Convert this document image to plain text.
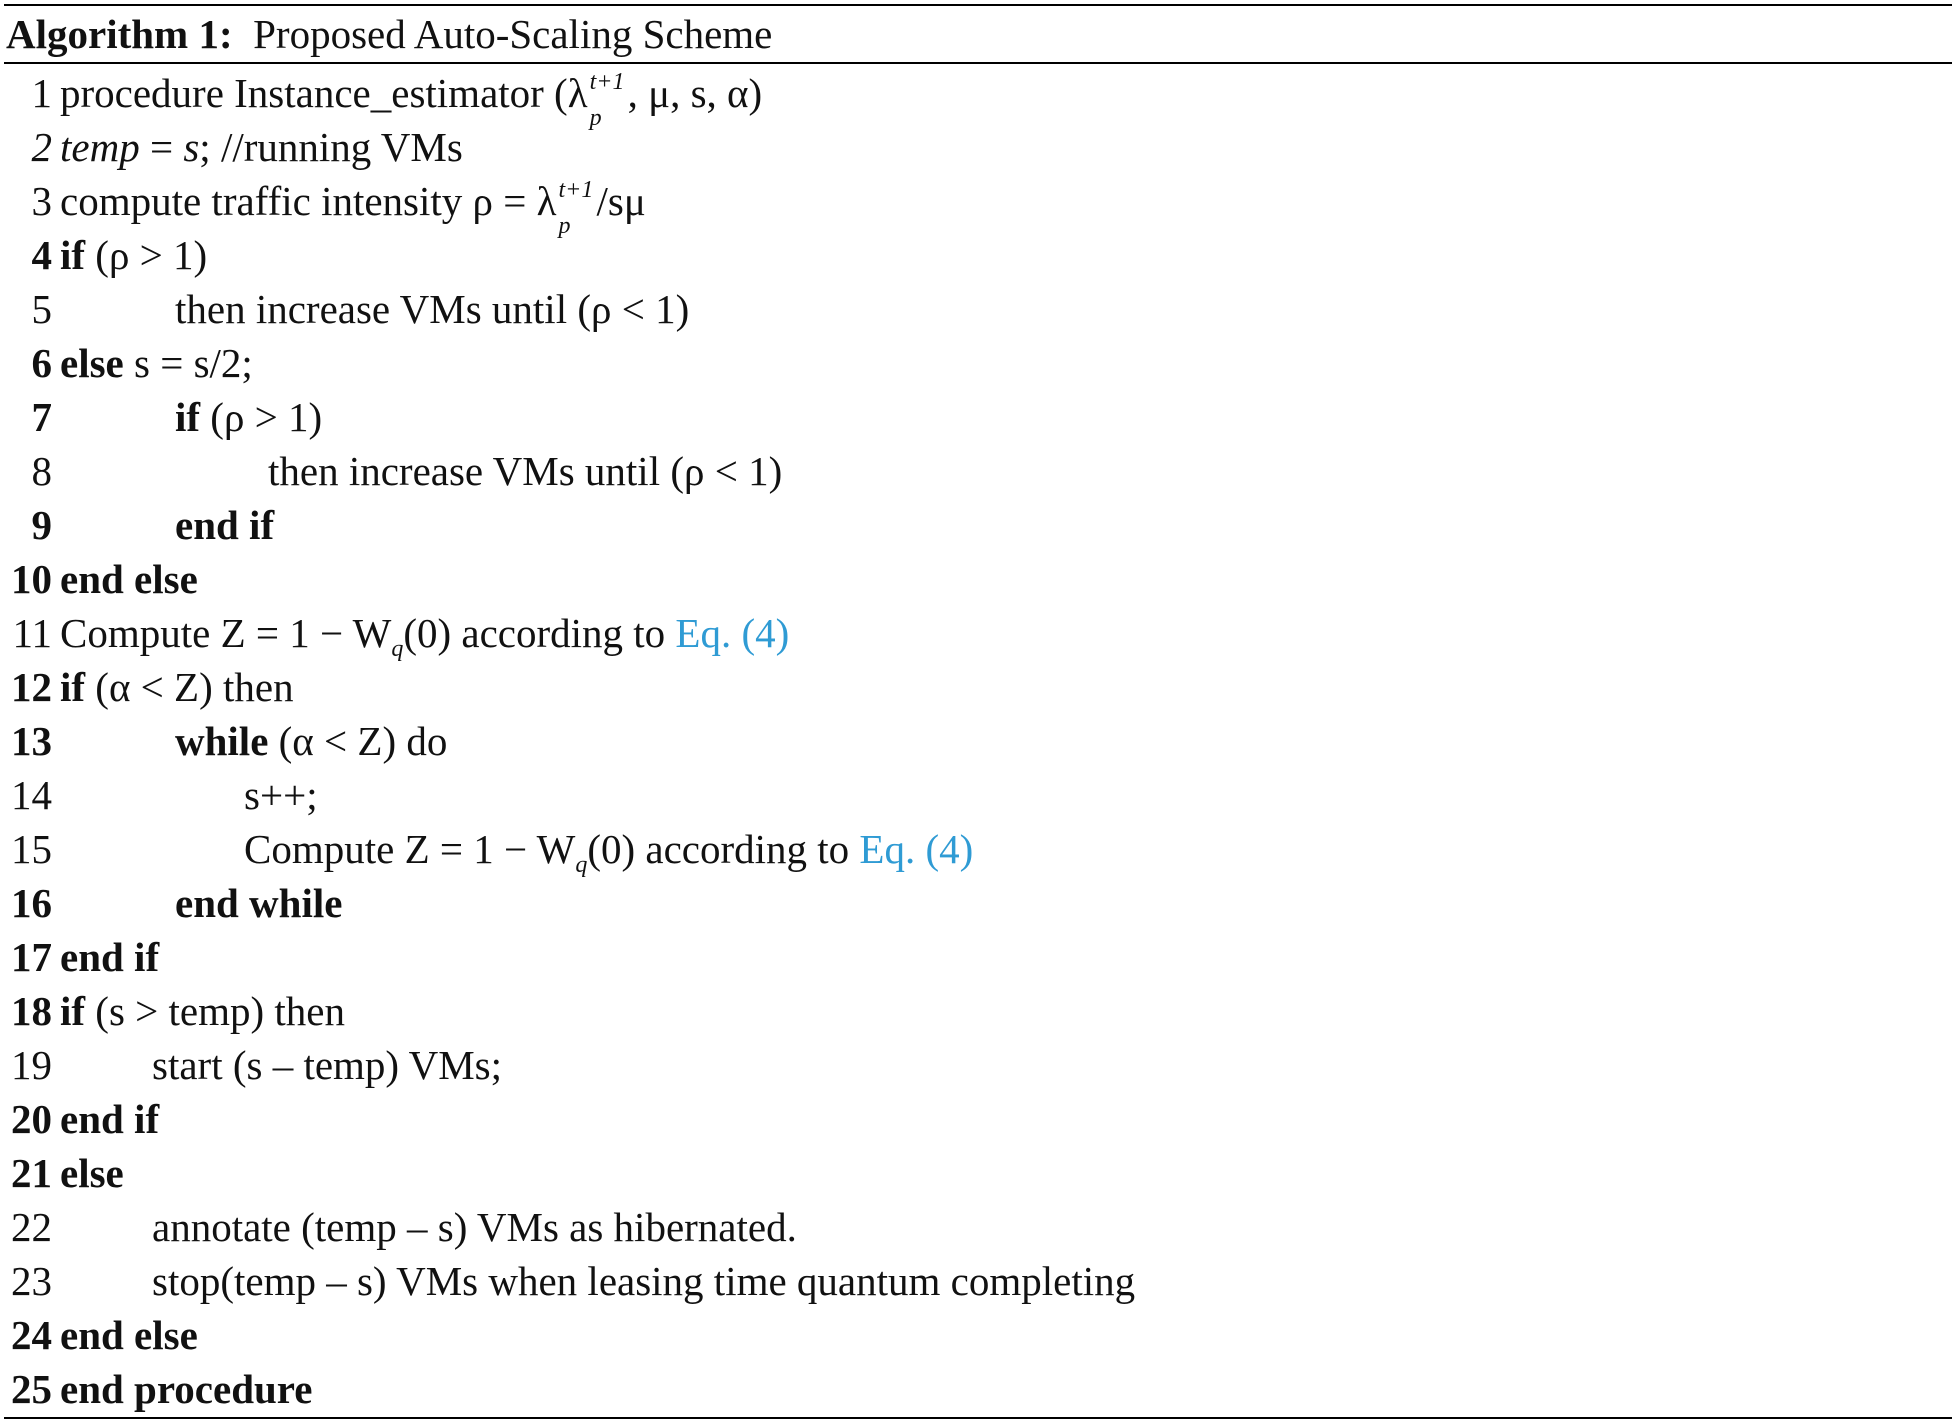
Algorithm 1: Proposed Auto-Scaling Scheme
1 procedure Instance_estimator (λ t+1
p
, μ, s, α)
2 temp = s; //running VMs
3 compute traffic intensity ρ = λ t+1
p
/sμ
4 if (ρ > 1)
5	then increase VMs until (ρ < 1)
6 else s = s/2;
7	if (ρ > 1)
8	then increase VMs until (ρ < 1)
9	end if
10 end else
11 Compute $Z = 1 - W_q(0)$ according to Eq. (4)
12 if (α < Z) then
13	while (α < Z) do
14	s++;
15	Compute $Z = 1 - W_q(0)$ according to Eq. (4)
16	end while
17 end if
18 if (s > temp) then
19 start (s – temp) VMs;
20 end if
21 else
22 annotate (temp – s) VMs as hibernated.
23 stop(temp – s) VMs when leasing time quantum completing
24 end else
25 end procedure
